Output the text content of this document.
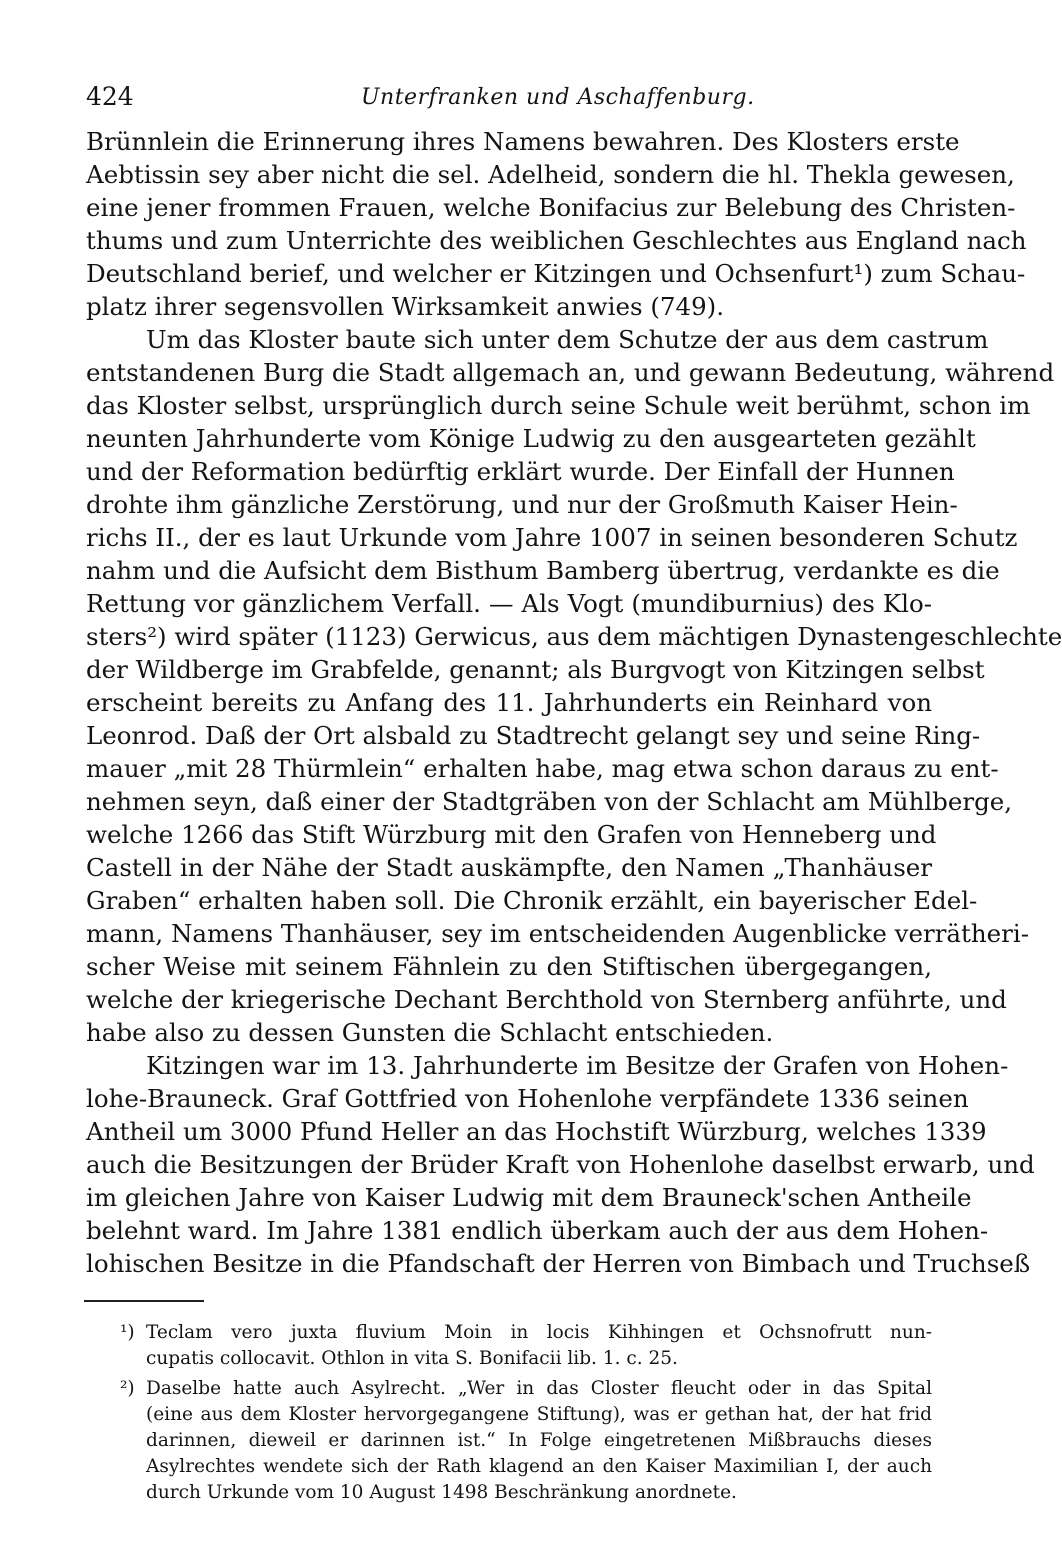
424	Unterfranken und Aschaffenburg.
Brünnlein die Erinnerung ihres Namens bewahren. Des Klosters erste
Aebtissin sey aber nicht die sel. Adelheid, sondern die hl. Thekla gewesen,
eine jener frommen Frauen, welche Bonifacius zur Belebung des Christen-
thums und zum Unterrichte des weiblichen Geschlechtes aus England nach
Deutschland berief, und welcher er Kitzingen und Ochsenfurt¹) zum Schau-
platz ihrer segensvollen Wirksamkeit anwies (749).
Um das Kloster baute sich unter dem Schutze der aus dem castrum
entstandenen Burg die Stadt allgemach an, und gewann Bedeutung, während
das Kloster selbst, ursprünglich durch seine Schule weit berühmt, schon im
neunten Jahrhunderte vom Könige Ludwig zu den ausgearteten gezählt
und der Reformation bedürftig erklärt wurde. Der Einfall der Hunnen
drohte ihm gänzliche Zerstörung, und nur der Großmuth Kaiser Hein-
richs II., der es laut Urkunde vom Jahre 1007 in seinen besonderen Schutz
nahm und die Aufsicht dem Bisthum Bamberg übertrug, verdankte es die
Rettung vor gänzlichem Verfall. — Als Vogt (mundiburnius) des Klo-
sters²) wird später (1123) Gerwicus, aus dem mächtigen Dynastengeschlechte
der Wildberge im Grabfelde, genannt; als Burgvogt von Kitzingen selbst
erscheint bereits zu Anfang des 11. Jahrhunderts ein Reinhard von
Leonrod. Daß der Ort alsbald zu Stadtrecht gelangt sey und seine Ring-
mauer „mit 28 Thürmlein“ erhalten habe, mag etwa schon daraus zu ent-
nehmen seyn, daß einer der Stadtgräben von der Schlacht am Mühlberge,
welche 1266 das Stift Würzburg mit den Grafen von Henneberg und
Castell in der Nähe der Stadt auskämpfte, den Namen „Thanhäuser
Graben“ erhalten haben soll. Die Chronik erzählt, ein bayerischer Edel-
mann, Namens Thanhäuser, sey im entscheidenden Augenblicke verrätheri-
scher Weise mit seinem Fähnlein zu den Stiftischen übergegangen,
welche der kriegerische Dechant Berchthold von Sternberg anführte, und
habe also zu dessen Gunsten die Schlacht entschieden.
Kitzingen war im 13. Jahrhunderte im Besitze der Grafen von Hohen-
lohe-Brauneck. Graf Gottfried von Hohenlohe verpfändete 1336 seinen
Antheil um 3000 Pfund Heller an das Hochstift Würzburg, welches 1339
auch die Besitzungen der Brüder Kraft von Hohenlohe daselbst erwarb, und
im gleichen Jahre von Kaiser Ludwig mit dem Brauneck'schen Antheile
belehnt ward. Im Jahre 1381 endlich überkam auch der aus dem Hohen-
lohischen Besitze in die Pfandschaft der Herren von Bimbach und Truchseß
¹) Teclam vero juxta fluvium Moin in locis Kihhingen et Ochsnofrutt nun-
cupatis collocavit. Othlon in vita S. Bonifacii lib. 1. c. 25.
²) Daselbe hatte auch Asylrecht. „Wer in das Closter fleucht oder in das Spital
(eine aus dem Kloster hervorgegangene Stiftung), was er gethan hat, der hat frid
darinnen, dieweil er darinnen ist.“ In Folge eingetretenen Mißbrauchs dieses
Asylrechtes wendete sich der Rath klagend an den Kaiser Maximilian I, der auch
durch Urkunde vom 10 August 1498 Beschränkung anordnete.
